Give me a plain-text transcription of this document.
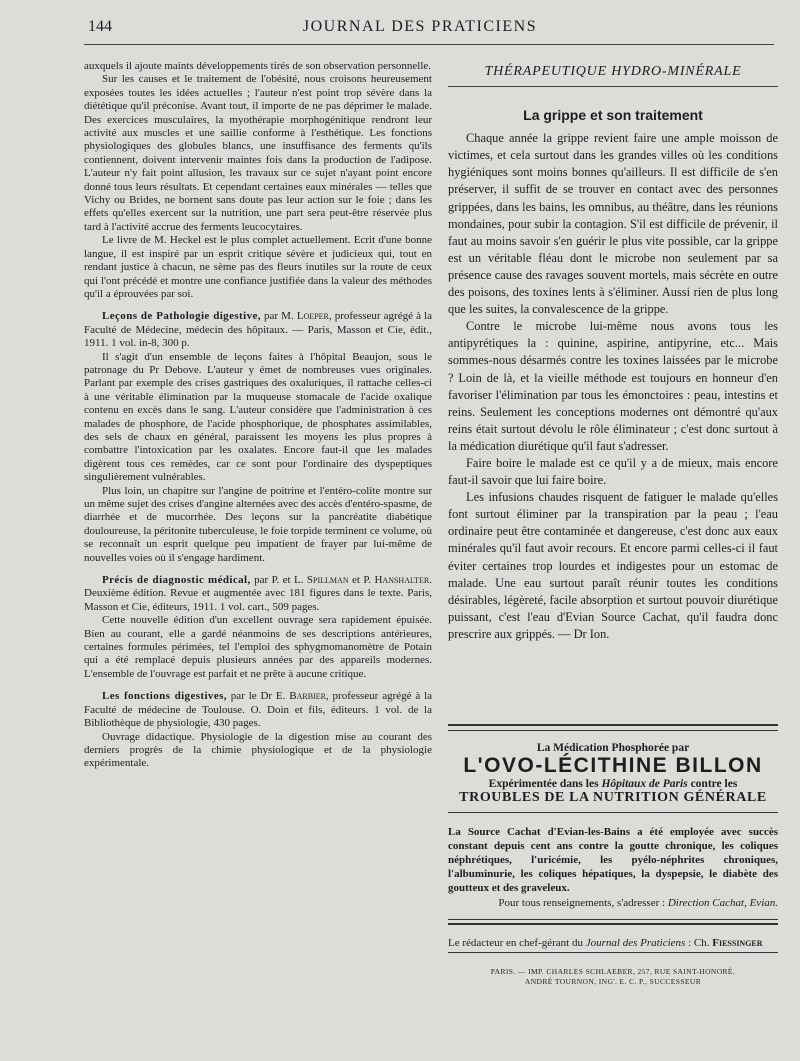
144	JOURNAL DES PRATICIENS

auxquels il ajoute maints développements tirés de son observation personnelle.

Sur les causes et le traitement de l'obésité, nous croisons heureusement exposées toutes les idées actuelles ; l'auteur n'est point trop sévère dans la diététique qu'il préconise. Avant tout, il importe de ne pas déprimer le malade. Des exercices musculaires, la myothérapie morphogénitique rendront leur activité aux muscles et une saillie conforme à l'esthétique. Les fonctions physiologiques des globules blancs, une insuffisance des ferments qu'ils contiennent, doivent intervenir maintes fois dans la production de l'adipose. L'auteur n'y fait point allusion, les travaux sur ce sujet n'ayant point encore donné tous leurs résultats. Et cependant certaines eaux minérales — telles que Vichy ou Brides, ne bornent sans doute pas leur action sur le foie ; dans les effets qu'elles exercent sur la nutrition, une part sera peut-être réservée plus tard à l'activité accrue des ferments leucocytaires.

Le livre de M. Heckel est le plus complet actuellement. Ecrit d'une bonne langue, il est inspiré par un esprit critique sévère et judicieux qui, tout en rendant justice à chacun, ne sème pas des fleurs inutiles sur la route de ceux qui l'ont précédé et montre une confiance justifiée dans la valeur des méthodes qu'il a éprouvées par soi.

Leçons de Pathologie digestive, par M. Loeper, professeur agrégé à la Faculté de Médecine, médecin des hôpitaux. — Paris, Masson et Cie, édit., 1911. 1 vol. in-8, 300 p.

Il s'agit d'un ensemble de leçons faites à l'hôpital Beaujon, sous le patronage du Pr Debove. L'auteur y émet de nombreuses vues originales. Parlant par exemple des crises gastriques des oxaluriques, il rattache celles-ci à une véritable élimination par la muqueuse stomacale de l'acide oxalique contenu en excès dans le sang. L'auteur considère que l'administration à ces malades de phosphore, de l'acide phosphorique, de phosphates assimilables, des sels de chaux en général, paraissent les moyens les plus propres à combattre l'intoxication par les oxalates. Encore faut-il que les malades digèrent tous ces remèdes, car ce sont pour l'ordinaire des dyspeptiques singulièrement vulnérables.

Plus loin, un chapitre sur l'angine de poitrine et l'entéro-colite montre sur un même sujet des crises d'angine alternées avec des accès d'entéro-spasme, de diarrhée et de mucorrhée. Des leçons sur la pancréatite diabétique douloureuse, la péritonite tuberculeuse, le foie torpide terminent ce volume, où se reconnaît un esprit quelque peu impatient de frayer par lui-même de nouvelles voies où il s'engage hardiment.

Précis de diagnostic médical, par P. et L. Spillman et P. Hanshalter. Deuxième édition. Revue et augmentée avec 181 figures dans le texte. Paris, Masson et Cie, éditeurs, 1911. 1 vol. cart., 509 pages.

Cette nouvelle édition d'un excellent ouvrage sera rapidement épuisée. Bien au courant, elle a gardé néanmoins de ses descriptions antérieures, certaines formules périmées, tel l'emploi des sphygmomanomètre de Potain qui a été remplacé depuis plusieurs années par des appareils modernes. L'ensemble de l'ouvrage est parfait et ne prête à aucune critique.

Les fonctions digestives, par le Dr E. Barbier, professeur agrégé à la Faculté de médecine de Toulouse. O. Doin et fils, éditeurs. 1 vol. de la Bibliothèque de physiologie, 430 pages.

Ouvrage didactique. Physiologie de la digestion mise au courant des derniers progrès de la chimie physiologique et de la physiologie expérimentale.

THÉRAPEUTIQUE HYDRO-MINÉRALE
La grippe et son traitement

Chaque année la grippe revient faire une ample moisson de victimes, et cela surtout dans les grandes villes où les conditions hygiéniques sont moins bonnes qu'ailleurs. Il est difficile de s'en préserver, il suffit de se trouver en contact avec des personnes grippées, dans les bains, les omnibus, au théâtre, dans les réunions mondaines, pour subir la contagion. S'il est difficile de prévenir, il faut au moins savoir s'en guérir le plus vite possible, car la grippe est un véritable fléau dont le microbe non seulement par sa présence cause des ravages souvent mortels, mais sécrète en outre des poisons, des toxines lents à s'éliminer. Aussi rien de plus long que les suites, la convalescence de la grippe.

Contre le microbe lui-même nous avons tous les antipyrétiques la : quinine, aspirine, antipyrine, etc... Mais sommes-nous désarmés contre les toxines laissées par le microbe ? Loin de là, et la vieille méthode est toujours en honneur d'en favoriser l'élimination par tous les émonctoires : peau, intestins et reins. Seulement les conceptions modernes ont démontré qu'aux reins était surtout dévolu le rôle éliminateur ; c'est donc surtout à la médication diurétique qu'il faut s'adresser.

Faire boire le malade est ce qu'il y a de mieux, mais encore faut-il savoir que lui faire boire.

Les infusions chaudes risquent de fatiguer le malade qu'elles font surtout éliminer par la transpiration par la peau ; l'eau ordinaire peut être contaminée et dangereuse, c'est donc aux eaux minérales qu'il faut avoir recours. Et encore parmi celles-ci il faut éviter certaines trop lourdes et indigestes pour un estomac de malade. Une eau surtout paraît réunir toutes les conditions désirables, légèreté, facile absorption et surtout pouvoir diurétique puissant, c'est l'eau d'Evian Source Cachat, qu'il faudra donc prescrire aux grippés. — Dr Ion.

La Médication Phosphorée par
L'OVO-LÉCITHINE BILLON
Expérimentée dans les Hôpitaux de Paris contre les
TROUBLES DE LA NUTRITION GÉNÉRALE
La Source Cachat d'Evian-les-Bains a été employée avec succès constant depuis cent ans contre la goutte chronique, les coliques néphrétiques, l'uricémie, les pyélo-néphrites chroniques, l'albuminurie, les coliques hépatiques, la dyspepsie, le diabète des goutteux et des graveleux.
Pour tous renseignements, s'adresser : Direction Cachat, Evian.
Le rédacteur en chef-gérant du Journal des Praticiens : Ch. Fiessinger
PARIS. — IMP. CHARLES SCHLAEBER, 257, RUE SAINT-HONORÉ.
ANDRÉ TOURNON, ING'. E. C. P., SUCCESSEUR
